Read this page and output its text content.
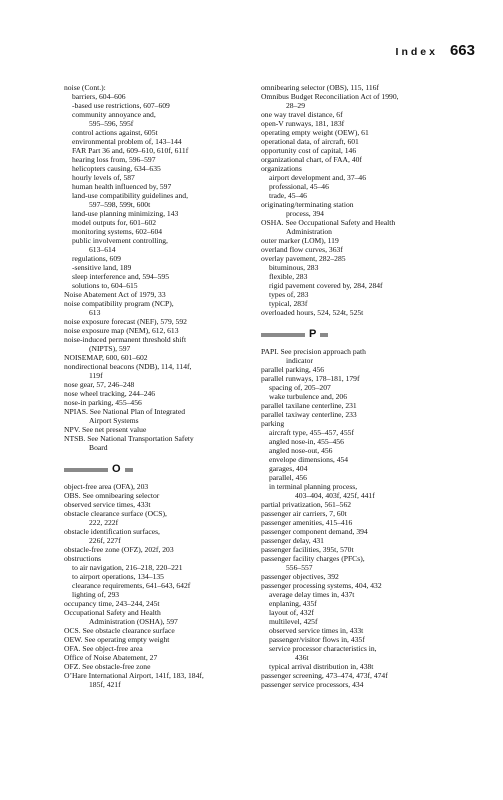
Index 663
noise (Cont.):
barriers, 604–606
-based use restrictions, 607–609
community annoyance and,
595–596, 595f
control actions against, 605t
environmental problem of, 143–144
FAR Part 36 and, 609–610, 610f, 611f
hearing loss from, 596–597
helicopters causing, 634–635
hourly levels of, 587
human health influenced by, 597
land-use compatibility guidelines and,
597–598, 599t, 600t
land-use planning minimizing, 143
model outputs for, 601–602
monitoring systems, 602–604
public involvement controlling,
613–614
regulations, 609
-sensitive land, 189
sleep interference and, 594–595
solutions to, 604–615
Noise Abatement Act of 1979, 33
noise compatibility program (NCP),
613
noise exposure forecast (NEF), 579, 592
noise exposure map (NEM), 612, 613
noise-induced permanent threshold shift
(NIPTS), 597
NOISEMAP, 600, 601–602
nondirectional beacons (NDB), 114, 114f,
119f
nose gear, 57, 246–248
nose wheel tracking, 244–246
nose-in parking, 455–456
NPIAS. See National Plan of Integrated
Airport Systems
NPV. See net present value
NTSB. See National Transportation Safety
Board
O
object-free area (OFA), 203
OBS. See omnibearing selector
observed service times, 433t
obstacle clearance surface (OCS),
222, 222f
obstacle identification surfaces,
226f, 227f
obstacle-free zone (OFZ), 202f, 203
obstructions
to air navigation, 216–218, 220–221
to airport operations, 134–135
clearance requirements, 641–643, 642f
lighting of, 293
occupancy time, 243–244, 245t
Occupational Safety and Health
Administration (OSHA), 597
OCS. See obstacle clearance surface
OEW. See operating empty weight
OFA. See object-free area
Office of Noise Abatement, 27
OFZ. See obstacle-free zone
O’Hare International Airport, 141f, 183, 184f,
185f, 421f
omnibearing selector (OBS), 115, 116f
Omnibus Budget Reconciliation Act of 1990,
28–29
one way travel distance, 6f
open-V runways, 181, 183f
operating empty weight (OEW), 61
operational data, of aircraft, 601
opportunity cost of capital, 146
organizational chart, of FAA, 40f
organizations
airport development and, 37–46
professional, 45–46
trade, 45–46
originating/terminating station
process, 394
OSHA. See Occupational Safety and Health
Administration
outer marker (LOM), 119
overland flow curves, 363f
overlay pavement, 282–285
bituminous, 283
flexible, 283
rigid pavement covered by, 284, 284f
types of, 283
typical, 283f
overloaded hours, 524, 524t, 525t
P
PAPI. See precision approach path
indicator
parallel parking, 456
parallel runways, 178–181, 179f
spacing of, 205–207
wake turbulence and, 206
parallel taxilane centerline, 231
parallel taxiway centerline, 233
parking
aircraft type, 455–457, 455f
angled nose-in, 455–456
angled nose-out, 456
envelope dimensions, 454
garages, 404
parallel, 456
in terminal planning process,
403–404, 403f, 425f, 441f
partial privatization, 561–562
passenger air carriers, 7, 60t
passenger amenities, 415–416
passenger component demand, 394
passenger delay, 431
passenger facilities, 395t, 570t
passenger facility charges (PFCs),
556–557
passenger objectives, 392
passenger processing systems, 404, 432
average delay times in, 437t
enplaning, 435f
layout of, 432f
multilevel, 425f
observed service times in, 433t
passenger/visitor flows in, 435f
service processor characteristics in,
436t
typical arrival distribution in, 438t
passenger screening, 473–474, 473f, 474f
passenger service processors, 434
